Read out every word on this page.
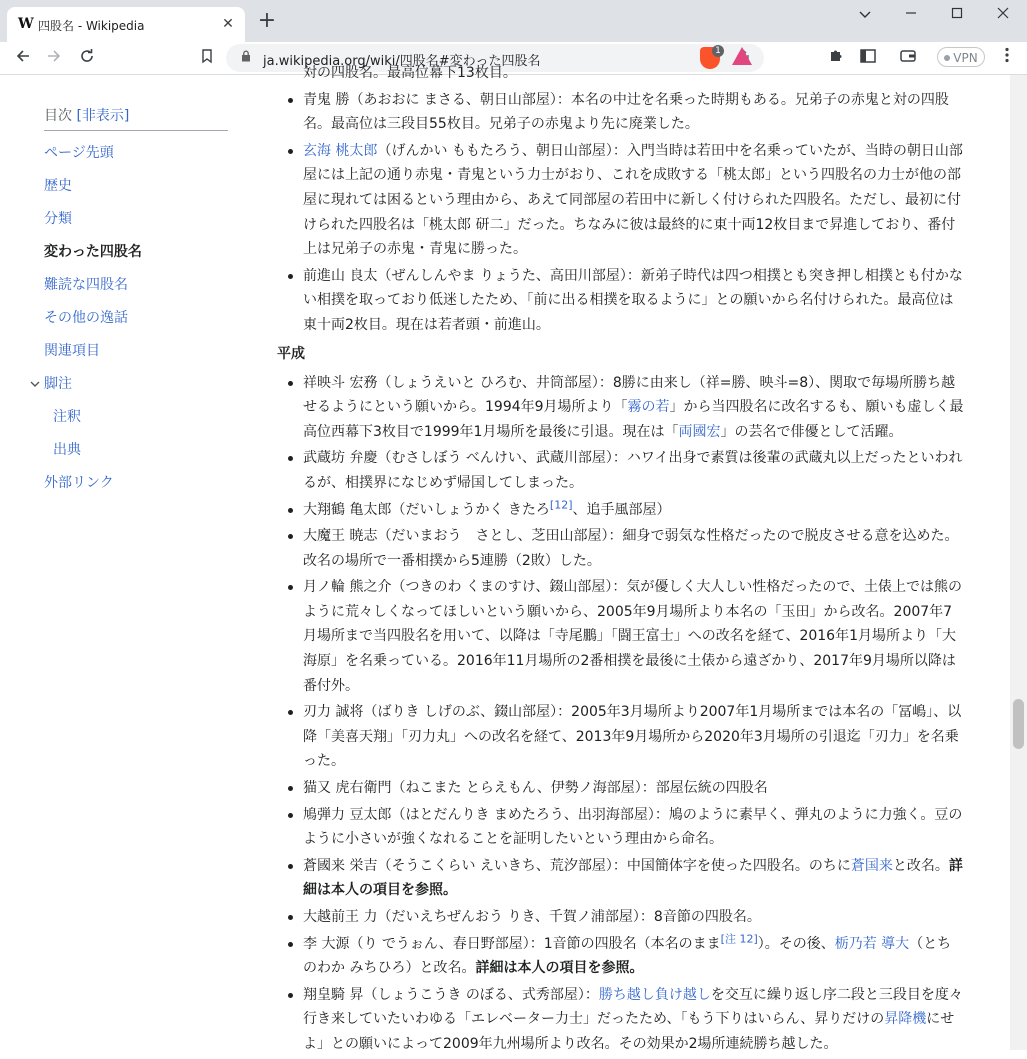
W 四股名 - Wikipedia	✕ +
ja.wikipedia.org/wiki/四股名#変わった四股名
1	VPN
目次 [非表示]
ページ先頭
歴史
分類
変わった四股名
難読な四股名
その他の逸話
関連項目
脚注
注釈
出典
外部リンク
対の四股名。最高位幕下13枚目。
青鬼 勝（あおおに まさる、朝日山部屋）：本名の中辻を名乗った時期もある。兄弟子の赤鬼と対の四股名。最高位は三段目55枚目。兄弟子の赤鬼より先に廃業した。
玄海 桃太郎（げんかい ももたろう、朝日山部屋）：入門当時は若田中を名乗っていたが、当時の朝日山部屋には上記の通り赤鬼・青鬼という力士がおり、これを成敗する「桃太郎」という四股名の力士が他の部屋に現れては困るという理由から、あえて同部屋の若田中に新しく付けられた四股名。ただし、最初に付けられた四股名は「桃太郎 研二」だった。ちなみに彼は最終的に東十両12枚目まで昇進しており、番付上は兄弟子の赤鬼・青鬼に勝った。
前進山 良太（ぜんしんやま りょうた、高田川部屋）：新弟子時代は四つ相撲とも突き押し相撲とも付かない相撲を取っており低迷したため、「前に出る相撲を取るように」との願いから名付けられた。最高位は東十両2枚目。現在は若者頭・前進山。
平成
祥映斗 宏務（しょうえいと ひろむ、井筒部屋）：8勝に由来し（祥=勝、映斗=8）、関取で毎場所勝ち越せるようにという願いから。1994年9月場所より「霧の若」から当四股名に改名するも、願いも虚しく最高位西幕下3枚目で1999年1月場所を最後に引退。現在は「両國宏」の芸名で俳優として活躍。
武蔵坊 弁慶（むさしぼう べんけい、武蔵川部屋）：ハワイ出身で素質は後輩の武蔵丸以上だったといわれるが、相撲界になじめず帰国してしまった。
大翔鶴 亀太郎（だいしょうかく きたろ[12]、追手風部屋）
大魔王 暁志（だいまおう　さとし、芝田山部屋）：細身で弱気な性格だったので脱皮させる意を込めた。改名の場所で一番相撲から5連勝（2敗）した。
月ノ輪 熊之介（つきのわ くまのすけ、錣山部屋）：気が優しく大人しい性格だったので、土俵上では熊のように荒々しくなってほしいという願いから、2005年9月場所より本名の「玉田」から改名。2007年7月場所まで当四股名を用いて、以降は「寺尾鵬」「闘王富士」への改名を経て、2016年1月場所より「大海原」を名乗っている。2016年11月場所の2番相撲を最後に土俵から遠ざかり、2017年9月場所以降は番付外。
刃力 誠将（ばりき しげのぶ、錣山部屋）：2005年3月場所より2007年1月場所までは本名の「冨嶋」、以降「美喜天翔」「刃力丸」への改名を経て、2013年9月場所から2020年3月場所の引退迄「刃力」を名乗った。
猫又 虎右衛門（ねこまた とらえもん、伊勢ノ海部屋）：部屋伝統の四股名
鳩弾力 豆太郎（はとだんりき まめたろう、出羽海部屋）：鳩のように素早く、弾丸のように力強く。豆のように小さいが強くなれることを証明したいという理由から命名。
蒼國来 栄吉（そうこくらい えいきち、荒汐部屋）：中国簡体字を使った四股名。のちに蒼国来と改名。詳細は本人の項目を参照。
大越前王 力（だいえちぜんおう りき、千賀ノ浦部屋）：8音節の四股名。
李 大源（り でうぉん、春日野部屋）：1音節の四股名（本名のまま[注 12]）。その後、栃乃若 導大（とちのわか みちひろ）と改名。詳細は本人の項目を参照。
翔皇騎 昇（しょうこうき のぼる、式秀部屋）：勝ち越し負け越しを交互に繰り返し序二段と三段目を度々行き来していたいわゆる「エレベーター力士」だったため、「もう下りはいらん、昇りだけの昇降機にせよ」との願いによって2009年九州場所より改名。その効果か2場所連続勝ち越した。
